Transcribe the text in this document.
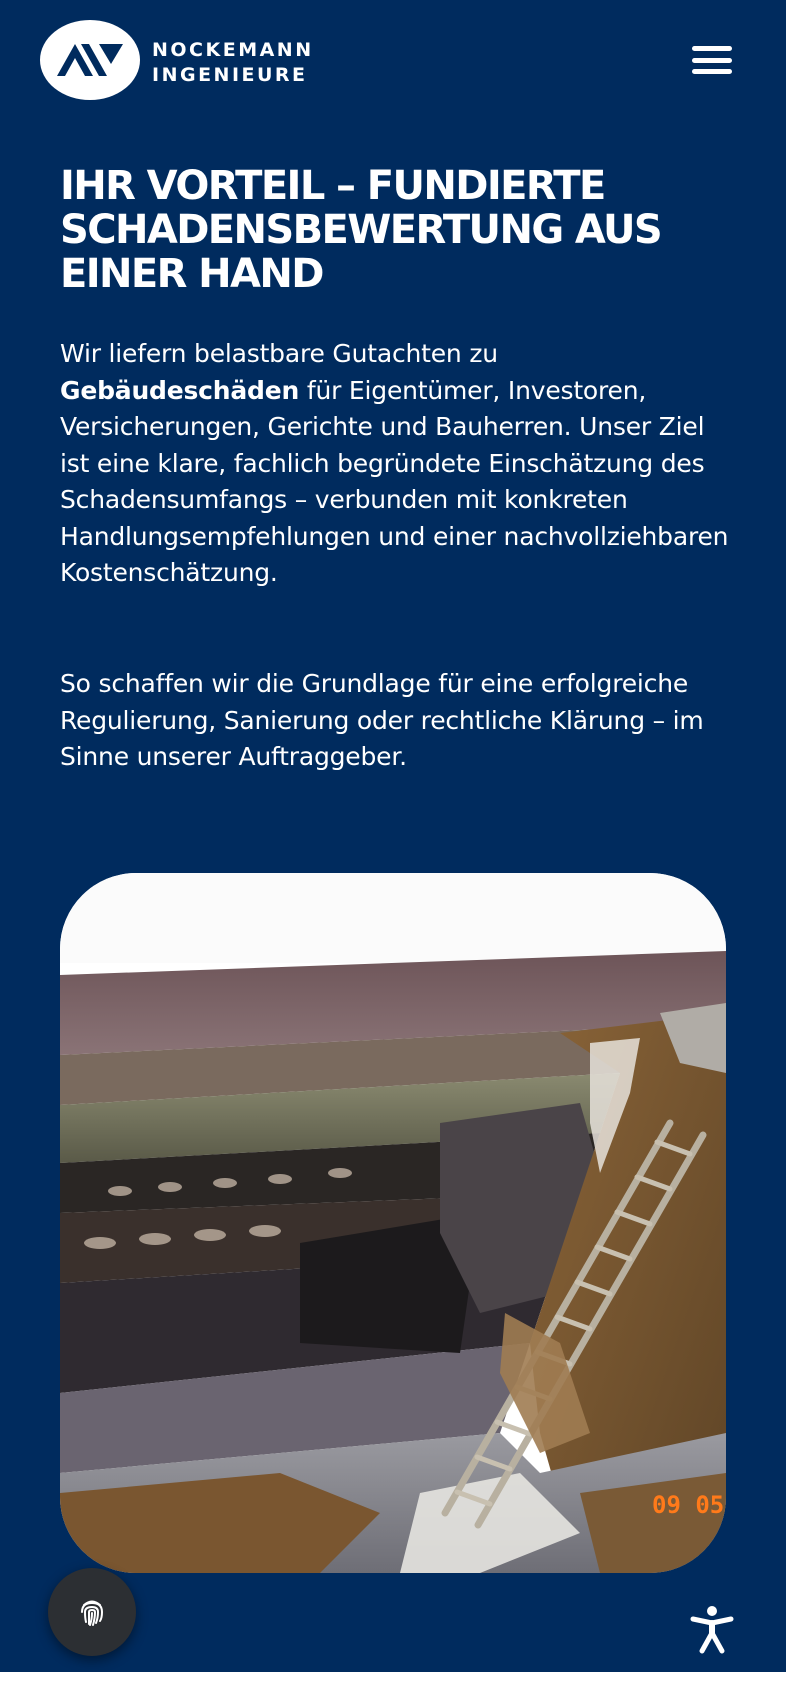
NOCKEMANN
INGENIEURE
IHR VORTEIL – FUNDIERTE
SCHADENSBEWERTUNG AUS
EINER HAND

Wir liefern belastbare Gutachten zu Gebäudeschäden für Eigentümer, Investoren, Versicherungen, Gerichte und Bauherren. Unser Ziel ist eine klare, fachlich begründete Einschätzung des Schadensumfangs – verbunden mit konkreten Handlungsempfehlungen und einer nachvollziehbaren Kostenschätzung.

So schaffen wir die Grundlage für eine erfolgreiche Regulierung, Sanierung oder rechtliche Klärung – im Sinne unserer Auftraggeber.

09 05
